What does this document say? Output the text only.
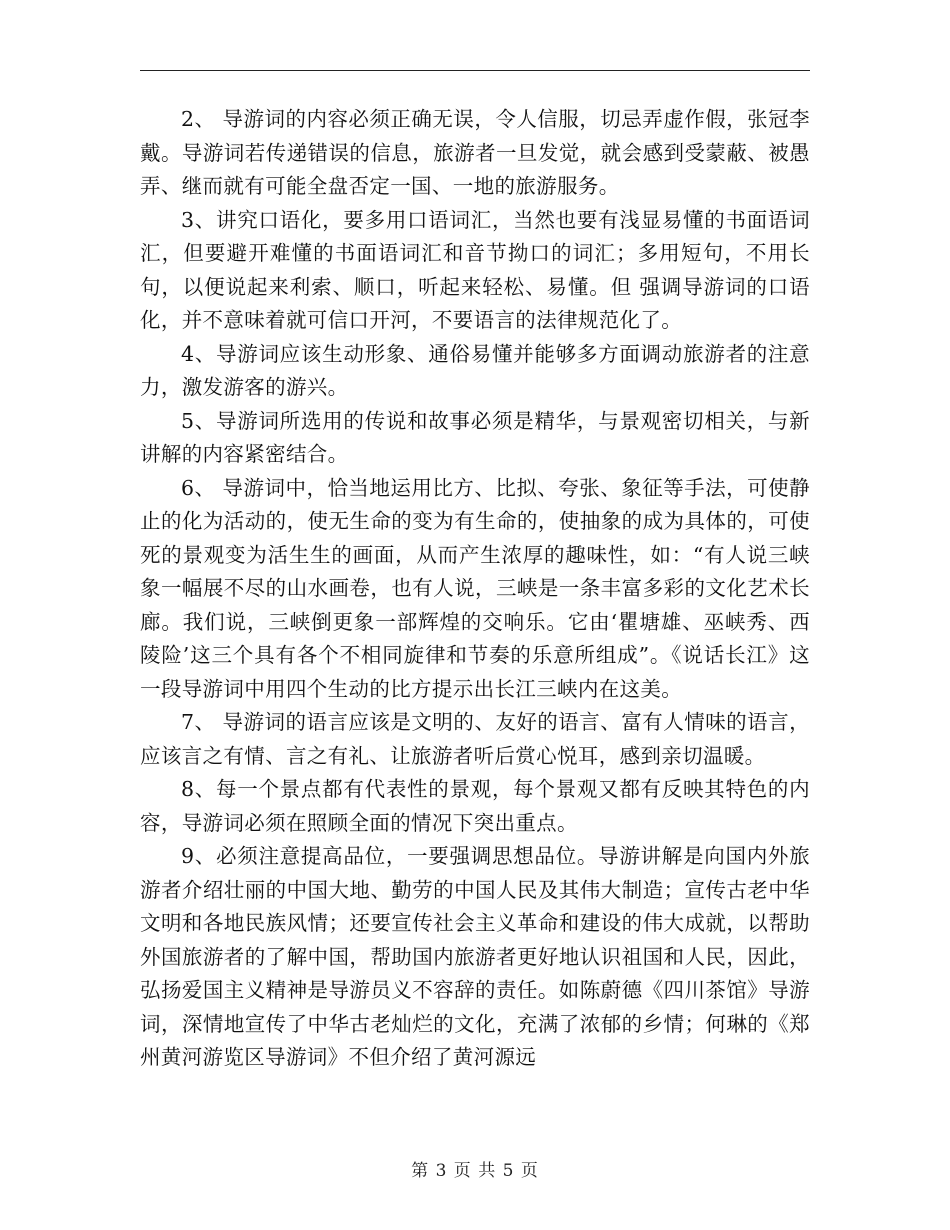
2、 导游词的内容必须正确无误，令人信服，切忌弄虚作假，张冠李戴。导游词若传递错误的信息，旅游者一旦发觉，就会感到受蒙蔽、被愚弄、继而就有可能全盘否定一国、一地的旅游服务。

3、讲究口语化，要多用口语词汇，当然也要有浅显易懂的书面语词汇，但要避开难懂的书面语词汇和音节拗口的词汇；多用短句，不用长句，以便说起来利索、顺口，听起来轻松、易懂。但 强调导游词的口语化，并不意味着就可信口开河，不要语言的法律规范化了。

4、导游词应该生动形象、通俗易懂并能够多方面调动旅游者的注意力，激发游客的游兴。

5、导游词所选用的传说和故事必须是精华，与景观密切相关，与新讲解的内容紧密结合。

6、 导游词中，恰当地运用比方、比拟、夸张、象征等手法，可使静止的化为活动的，使无生命的变为有生命的，使抽象的成为具体的，可使死的景观变为活生生的画面，从而产生浓厚的趣味性，如：“有人说三峡象一幅展不尽的山水画卷，也有人说，三峡是一条丰富多彩的文化艺术长廊。我们说，三峡倒更象一部辉煌的交响乐。它由‘瞿塘雄、巫峡秀、西陵险’这三个具有各个不相同旋律和节奏的乐意所组成”。《说话长江》这一段导游词中用四个生动的比方提示出长江三峡内在这美。

7、 导游词的语言应该是文明的、友好的语言、富有人情味的语言，应该言之有情、言之有礼、让旅游者听后赏心悦耳，感到亲切温暖。

8、每一个景点都有代表性的景观，每个景观又都有反映其特色的内容，导游词必须在照顾全面的情况下突出重点。

9、必须注意提高品位，一要强调思想品位。导游讲解是向国内外旅游者介绍壮丽的中国大地、勤劳的中国人民及其伟大制造；宣传古老中华文明和各地民族风情；还要宣传社会主义革命和建设的伟大成就，以帮助外国旅游者的了解中国，帮助国内旅游者更好地认识祖国和人民，因此，弘扬爱国主义精神是导游员义不容辞的责任。如陈蔚德《四川茶馆》导游词，深情地宣传了中华古老灿烂的文化，充满了浓郁的乡情；何琳的《郑州黄河游览区导游词》不但介绍了黄河源远

第 3 页 共 5 页
